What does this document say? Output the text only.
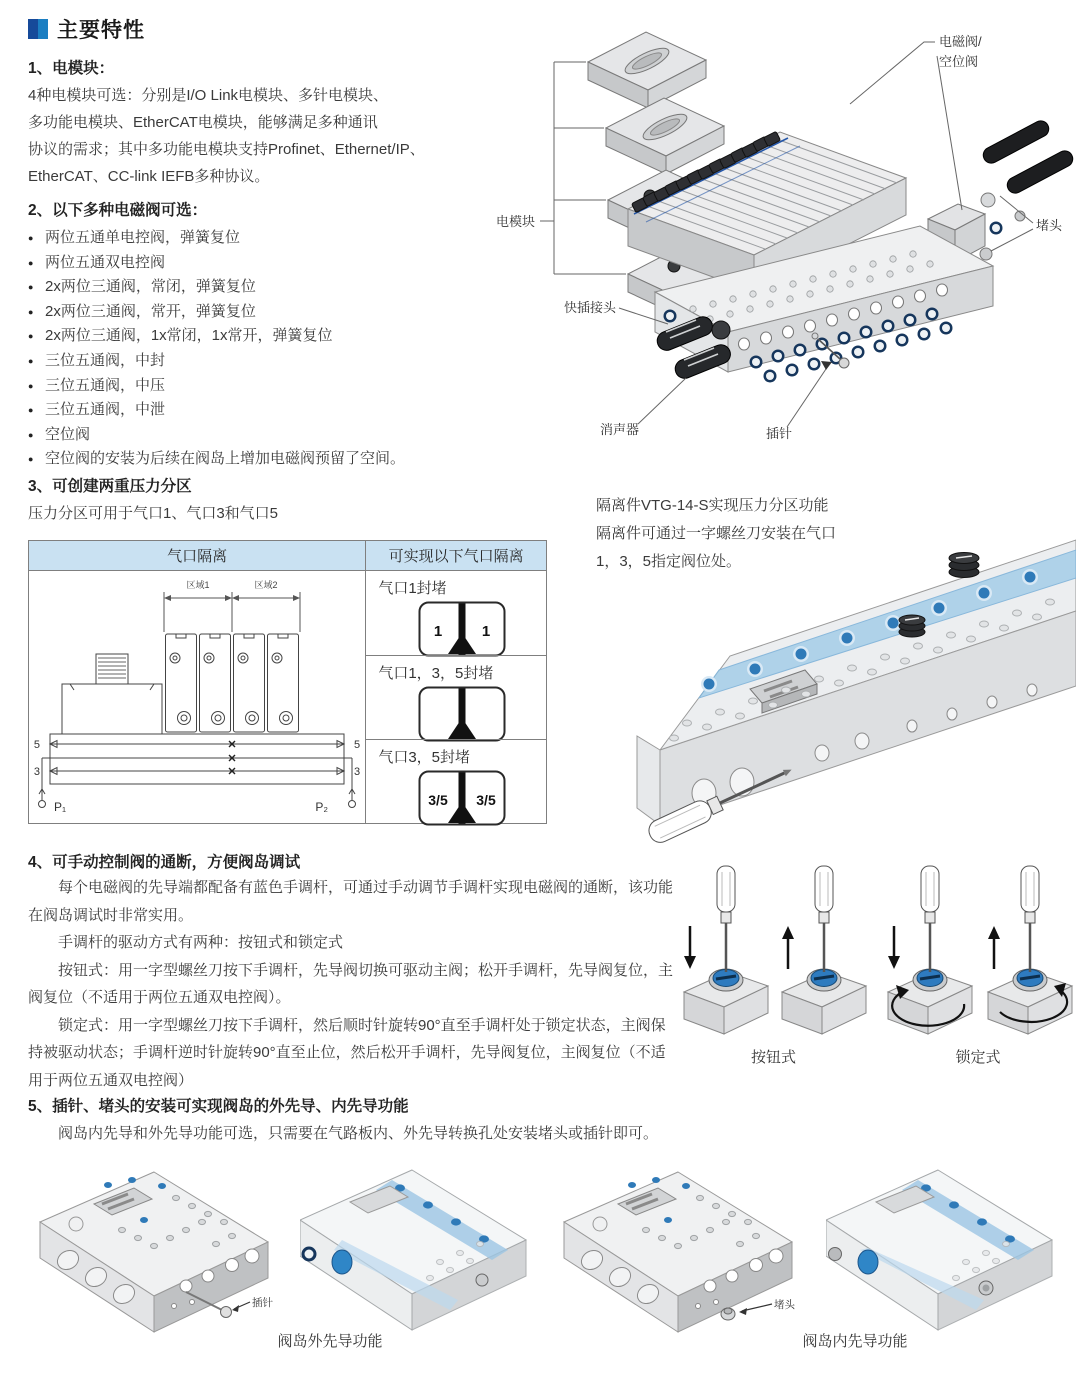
主要特性
1、电模块：
4种电模块可选：分别是I/O Link电模块、多针电模块、
多功能电模块、EtherCAT电模块，能够满足多种通讯
协议的需求；其中多功能电模块支持Profinet、Ethernet/IP、
EtherCAT、CC-link IEFB多种协议。
2、以下多种电磁阀可选：
● 两位五通单电控阀，弹簧复位
● 两位五通双电控阀
● 2x两位三通阀，常闭，弹簧复位
● 2x两位三通阀，常开，弹簧复位
● 2x两位三通阀，1x常闭，1x常开，弹簧复位
● 三位五通阀，中封
● 三位五通阀，中压
● 三位五通阀，中泄
● 空位阀
● 空位阀的安装为后续在阀岛上增加电磁阀预留了空间。
电模块
电磁阀/
空位阀
堵头
快插接头
消声器	插针
3、可创建两重压力分区
压力分区可用于气口1、气口3和气口5
气口隔离	可实现以下气口隔离
区域1	区域2
5	5
3	3
P₁	P₂
气口1封堵
1	1
气口1，3，5封堵
气口3，5封堵
3/5 3/5
隔离件VTG-14-S实现压力分区功能
隔离件可通过一字螺丝刀安装在气口
1，3，5指定阀位处。
4、可手动控制阀的通断，方便阀岛调试

每个电磁阀的先导端都配备有蓝色手调杆，可通过手动调节手调杆实现电磁阀的通断，该功能在阀岛调试时非常实用。

手调杆的驱动方式有两种：按钮式和锁定式

按钮式：用一字型螺丝刀按下手调杆，先导阀切换可驱动主阀；松开手调杆，先导阀复位，主阀复位（不适用于两位五通双电控阀）。

锁定式：用一字型螺丝刀按下手调杆，然后顺时针旋转90°直至手调杆处于锁定状态，主阀保持被驱动状态；手调杆逆时针旋转90°直至止位，然后松开手调杆，先导阀复位，主阀复位（不适用于两位五通双电控阀）

按钮式	锁定式
5、插针、堵头的安装可实现阀岛的外先导、内先导功能

阀岛内先导和外先导功能可选，只需要在气路板内、外先导转换孔处安装堵头或插针即可。

插针
阀岛外先导功能
堵头
阀岛内先导功能
